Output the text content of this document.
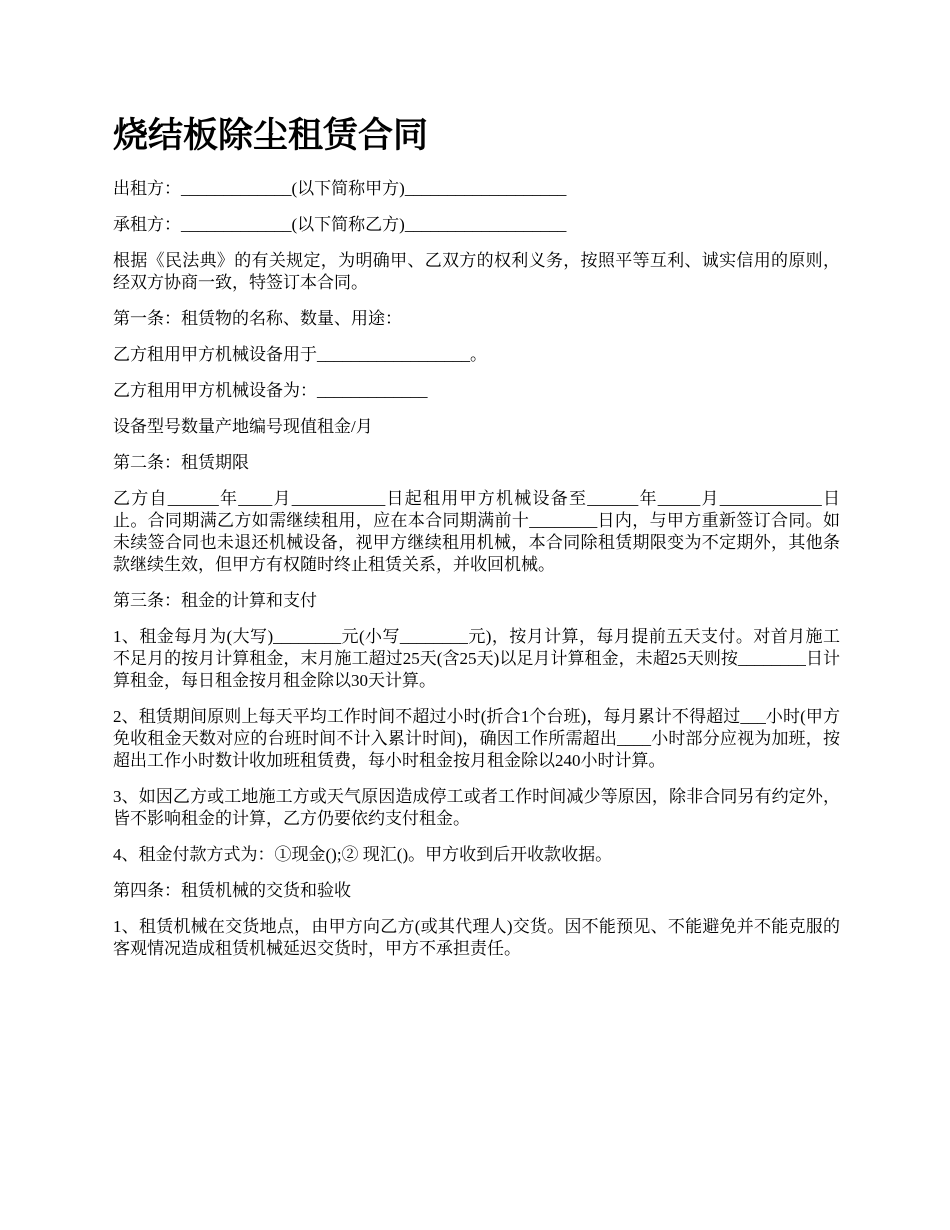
烧结板除尘租赁合同

出租方：_____________(以下简称甲方)___________________

承租方：_____________(以下简称乙方)___________________

根据《民法典》的有关规定，为明确甲、乙双方的权利义务，按照平等互利、诚实信用的原则，经双方协商一致，特签订本合同。

第一条：租赁物的名称、数量、用途：

乙方租用甲方机械设备用于__________________。

乙方租用甲方机械设备为：_____________

设备型号数量产地编号现值租金/月

第二条：租赁期限

乙方自______年____月___________日起租用甲方机械设备至______年_____月____________日止。合同期满乙方如需继续租用，应在本合同期满前十________日内，与甲方重新签订合同。如未续签合同也未退还机械设备，视甲方继续租用机械，本合同除租赁期限变为不定期外，其他条款继续生效，但甲方有权随时终止租赁关系，并收回机械。

第三条：租金的计算和支付

1、租金每月为(大写)________元(小写________元)，按月计算，每月提前五天支付。对首月施工不足月的按月计算租金，末月施工超过25天(含25天)以足月计算租金，未超25天则按________日计算租金，每日租金按月租金除以30天计算。

2、租赁期间原则上每天平均工作时间不超过小时(折合1个台班)，每月累计不得超过___小时(甲方免收租金天数对应的台班时间不计入累计时间)，确因工作所需超出____小时部分应视为加班，按超出工作小时数计收加班租赁费，每小时租金按月租金除以240小时计算。

3、如因乙方或工地施工方或天气原因造成停工或者工作时间减少等原因，除非合同另有约定外，皆不影响租金的计算，乙方仍要依约支付租金。

4、租金付款方式为：①现金();② 现汇()。甲方收到后开收款收据。

第四条：租赁机械的交货和验收

1、租赁机械在交货地点，由甲方向乙方(或其代理人)交货。因不能预见、不能避免并不能克服的客观情况造成租赁机械延迟交货时，甲方不承担责任。
